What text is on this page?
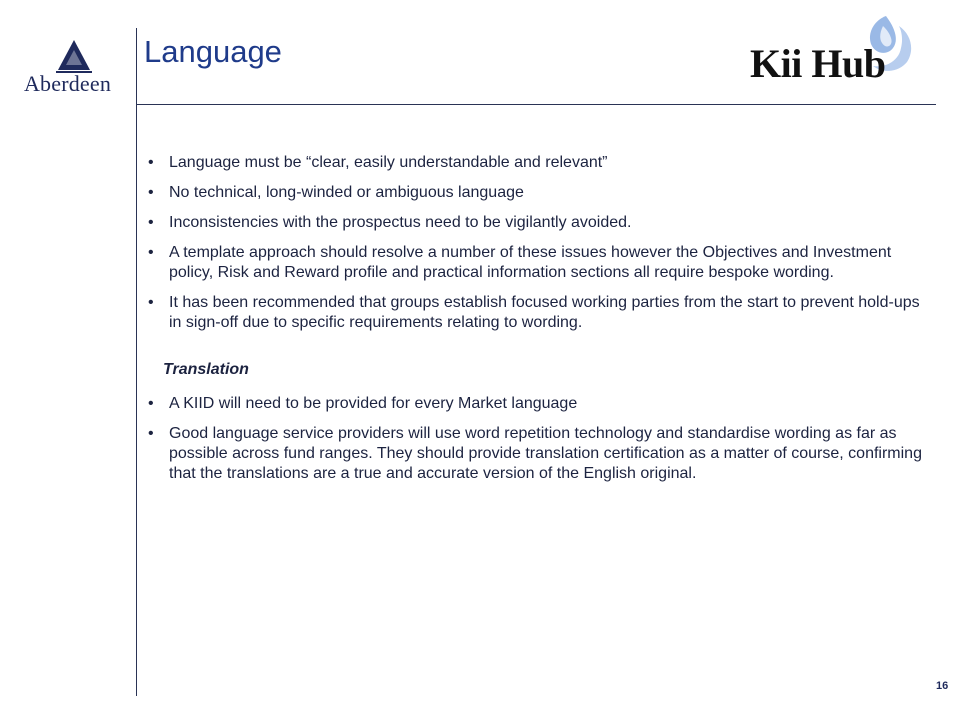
Aberdeen
Language	Kii Hub
• Language must be “clear, easily understandable and relevant”
• No technical, long-winded or ambiguous language
• Inconsistencies with the prospectus need to be vigilantly avoided.
• A template approach should resolve a number of these issues however the Objectives and Investment policy, Risk and Reward profile and practical information sections all require bespoke wording.
• It has been recommended that groups establish focused working parties from the start to prevent hold-ups in sign-off due to specific requirements relating to wording.
Translation
• A KIID will need to be provided for every Market language
• Good language service providers will use word repetition technology and standardise wording as far as possible across fund ranges. They should provide translation certification as a matter of course, confirming that the translations are a true and accurate version of the English original.
16
